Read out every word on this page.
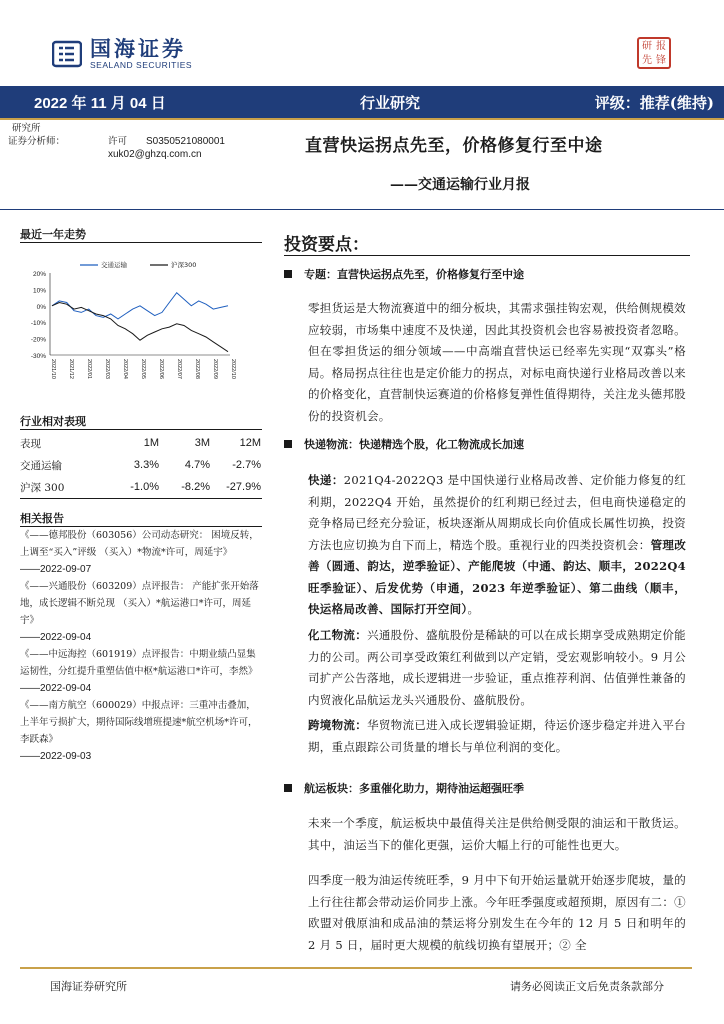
国海证券
SEALAND SECURITIES
研 报
先 锋
2022 年 11 月 04 日	行业研究	评级：推荐(维持)
研究所
证券分析师：	许可	S0350521080001
xuk02@ghzq.com.cn	直营快运拐点先至，价格修复行至中途
——交通运输行业月报
最近一年走势
20%
10%
0%
-10%
-20%
-30%
2021/10 2021/12 2022/01 2022/03 2022/04 2022/05 2022/06 2022/07 2022/08 2022/09 2022/10
交通运输	沪深300
行业相对表现
表现	1M	3M	12M
交通运输	3.3%	4.7%	-2.7%
沪深 300	-1.0%	-8.2%	-27.9%
相关报告
《——德邦股份（603056）公司动态研究： 困境反转，上调至“买入”评级 （买入）*物流*许可，周延宇》
——2022-09-07
《——兴通股份（603209）点评报告： 产能扩张开始落地，成长逻辑不断兑现 （买入）*航运港口*许可，周延宇》
——2022-09-04
《——中远海控（601919）点评报告：中期业绩凸显集运韧性，分红提升重塑估值中枢*航运港口*许可，李然》
——2022-09-04
《——南方航空（600029）中报点评：三重冲击叠加，上半年亏损扩大，期待国际线增班提速*航空机场*许可，李跃森》
——2022-09-03
投资要点：
专题：直营快运拐点先至，价格修复行至中途
零担货运是大物流赛道中的细分板块，其需求强挂钩宏观，供给侧规模效应较弱，市场集中速度不及快递，因此其投资机会也容易被投资者忽略。但在零担货运的细分领域——中高端直营快运已经率先实现“双寡头”格局。格局拐点往往也是定价能力的拐点，对标电商快递行业格局改善以来的价格变化，直营制快运赛道的价格修复弹性值得期待，关注龙头德邦股份的投资机会。
快递物流：快递精选个股，化工物流成长加速
快递：2021Q4-2022Q3 是中国快递行业格局改善、定价能力修复的红利期，2022Q4 开始，虽然提价的红利期已经过去，但电商快递稳定的竞争格局已经充分验证，板块逐渐从周期成长向价值成长属性切换，投资方法也应切换为自下而上，精选个股。重视行业的四类投资机会：管理改善（圆通、韵达，逆季验证）、产能爬坡（中通、韵达、顺丰，2022Q4 旺季验证）、后发优势（申通，2023 年逆季验证）、第二曲线（顺丰，快运格局改善、国际打开空间）。
化工物流：兴通股份、盛航股份是稀缺的可以在成长期享受成熟期定价能力的公司。两公司享受政策红利做到以产定销，受宏观影响较小。9 月公司扩产公告落地，成长逻辑进一步验证，重点推荐利润、估值弹性兼备的内贸液化品航运龙头兴通股份、盛航股份。
跨境物流：华贸物流已进入成长逻辑验证期，待运价逐步稳定并进入平台期，重点跟踪公司货量的增长与单位利润的变化。
航运板块：多重催化助力，期待油运超强旺季
未来一个季度，航运板块中最值得关注是供给侧受限的油运和干散货运。其中，油运当下的催化更强，运价大幅上行的可能性也更大。
四季度一般为油运传统旺季，9 月中下旬开始运量就开始逐步爬坡，量的上行往往都会带动运价同步上涨。今年旺季强度或超预期，原因有二：① 欧盟对俄原油和成品油的禁运将分别发生在今年的 12 月 5 日和明年的 2 月 5 日，届时更大规模的航线切换有望展开；② 全
国海证券研究所	请务必阅读正文后免责条款部分
